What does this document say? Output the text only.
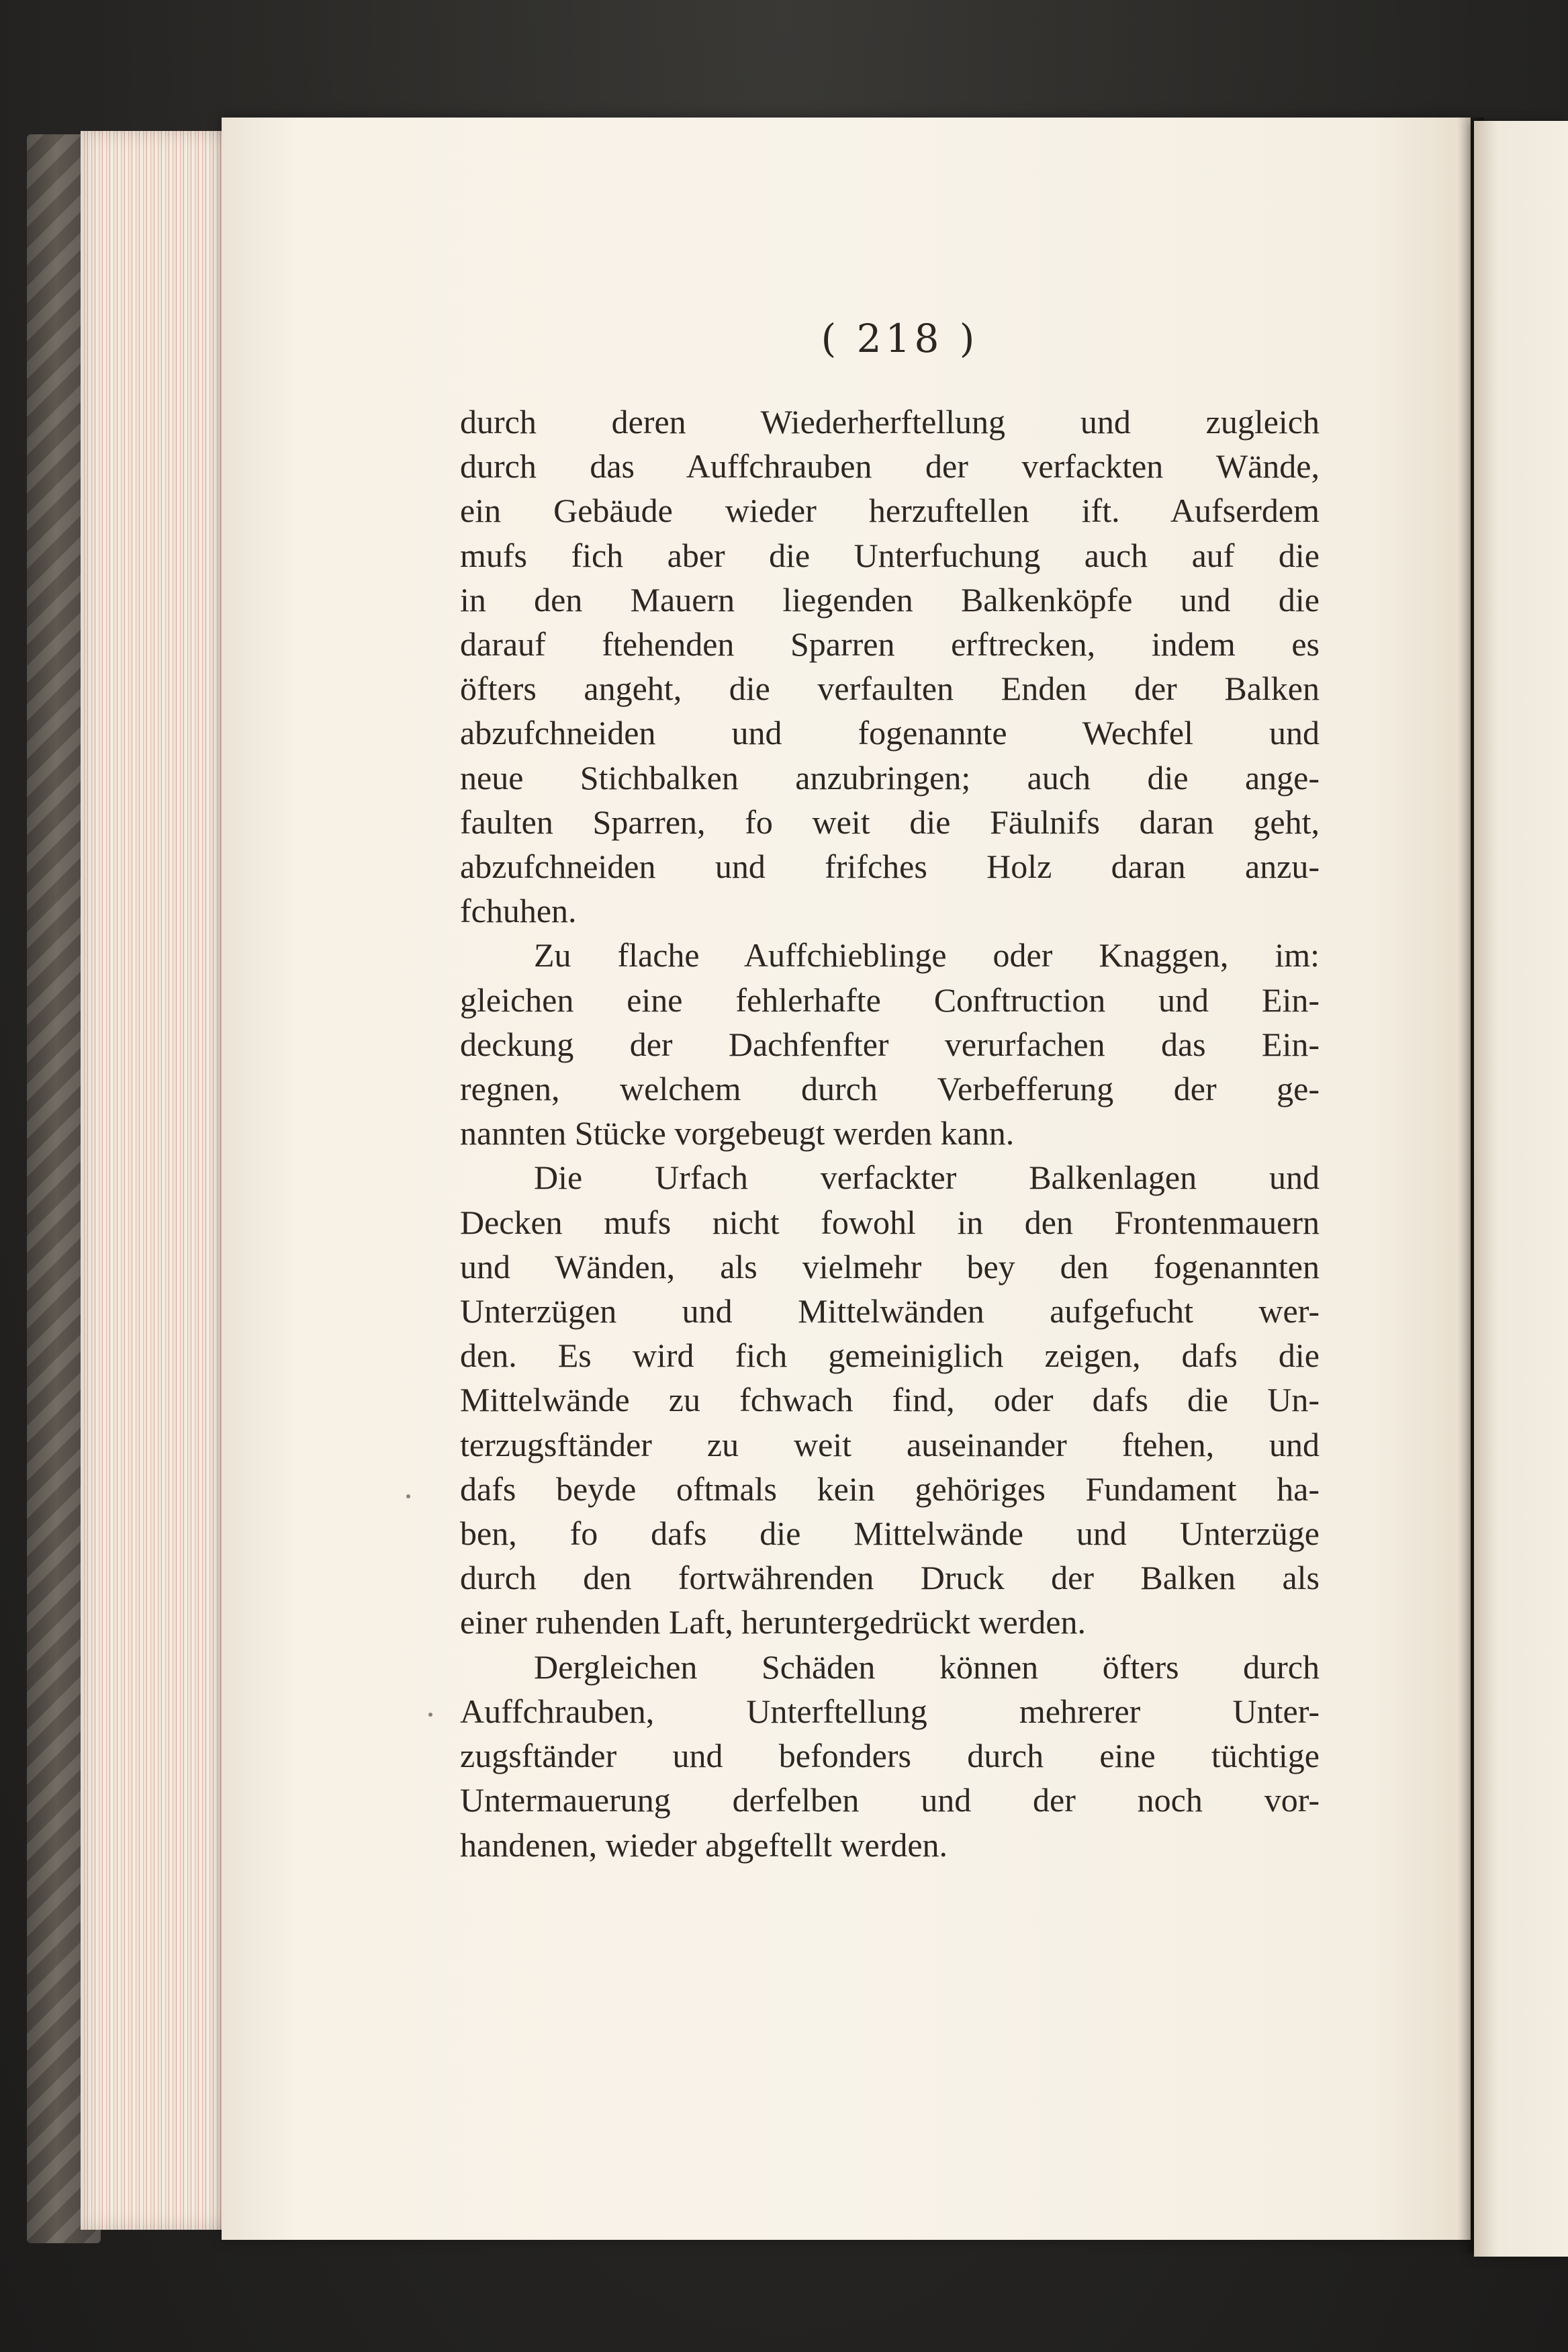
( 218 )
durch deren Wiederherftellung und zugleich
durch das Auffchrauben der verfackten Wände,
ein Gebäude wieder herzuftellen ift. Aufserdem
mufs fich aber die Unterfuchung auch auf die
in den Mauern liegenden Balkenköpfe und die
darauf ftehenden Sparren erftrecken, indem es
öfters angeht, die verfaulten Enden der Balken
abzufchneiden und fogenannte Wechfel und
neue Stichbalken anzubringen; auch die ange-
faulten Sparren, fo weit die Fäulnifs daran geht,
abzufchneiden und frifches Holz daran anzu-
fchuhen.
Zu flache Auffchieblinge oder Knaggen, im:
gleichen eine fehlerhafte Conftruction und Ein-
deckung der Dachfenfter verurfachen das Ein-
regnen, welchem durch Verbefferung der ge-
nannten Stücke vorgebeugt werden kann.
Die Urfach verfackter Balkenlagen und
Decken mufs nicht fowohl in den Frontenmauern
und Wänden, als vielmehr bey den fogenannten
Unterzügen und Mittelwänden aufgefucht wer-
den. Es wird fich gemeiniglich zeigen, dafs die
Mittelwände zu fchwach find, oder dafs die Un-
terzugsftänder zu weit auseinander ftehen, und
dafs beyde oftmals kein gehöriges Fundament ha-
ben, fo dafs die Mittelwände und Unterzüge
durch den fortwährenden Druck der Balken als
einer ruhenden Laft, heruntergedrückt werden.
Dergleichen Schäden können öfters durch
Auffchrauben, Unterftellung mehrerer Unter-
zugsftänder und befonders durch eine tüchtige
Untermauerung derfelben und der noch vor-
handenen, wieder abgeftellt werden.
